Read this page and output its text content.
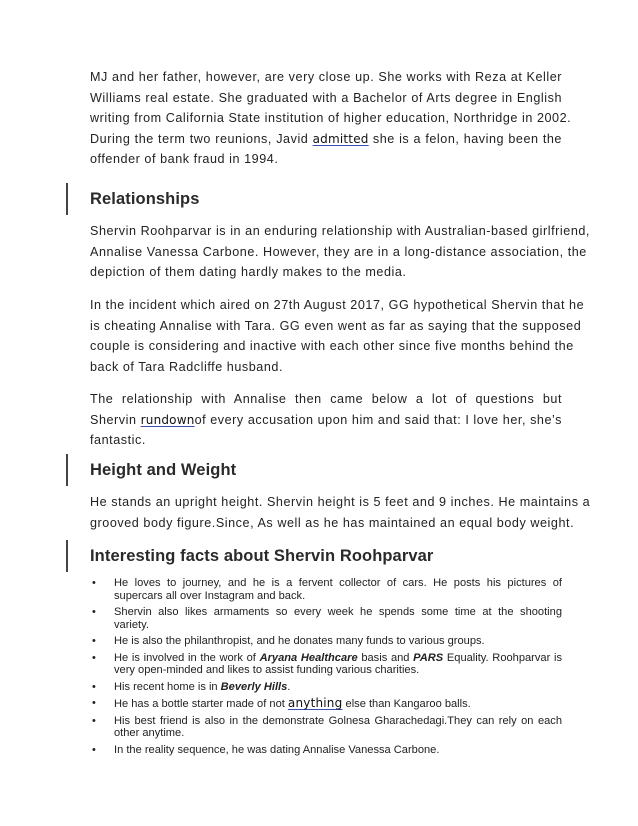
MJ and her father, however, are very close up. She works with Reza at Keller
Williams real estate. She graduated with a Bachelor of Arts degree in English
writing from California State institution of higher education, Northridge in 2002.
During the term two reunions, Javid admitted she is a felon, having been the
offender of bank fraud in 1994.
Relationships
Shervin Roohparvar is in an enduring relationship with Australian-based girlfriend,
Annalise Vanessa Carbone. However, they are in a long-distance association, the
depiction of them dating hardly makes to the media.
In the incident which aired on 27th August 2017, GG hypothetical Shervin that he
is cheating Annalise with Tara. GG even went as far as saying that the supposed
couple is considering and inactive with each other since five months behind the
back of Tara Radcliffe husband.
The relationship with Annalise then came below a lot of questions but
Shervin rundownof every accusation upon him and said that: I love her, she’s
fantastic.
Height and Weight
He stands an upright height. Shervin height is 5 feet and 9 inches. He maintains a
grooved body figure.Since, As well as he has maintained an equal body weight.
Interesting facts about Shervin Roohparvar
• He loves to journey, and he is a fervent collector of cars. He posts his pictures of
supercars all over Instagram and back.
• Shervin also likes armaments so every week he spends some time at the shooting
variety.
• He is also the philanthropist, and he donates many funds to various groups.
• He is involved in the work of Aryana Healthcare basis and PARS Equality. Roohparvar is
very open-minded and likes to assist funding various charities.
• His recent home is in Beverly Hills.
• He has a bottle starter made of not anything else than Kangaroo balls.
• His best friend is also in the demonstrate Golnesa Gharachedagi.They can rely on each
other anytime.
• In the reality sequence, he was dating Annalise Vanessa Carbone.
